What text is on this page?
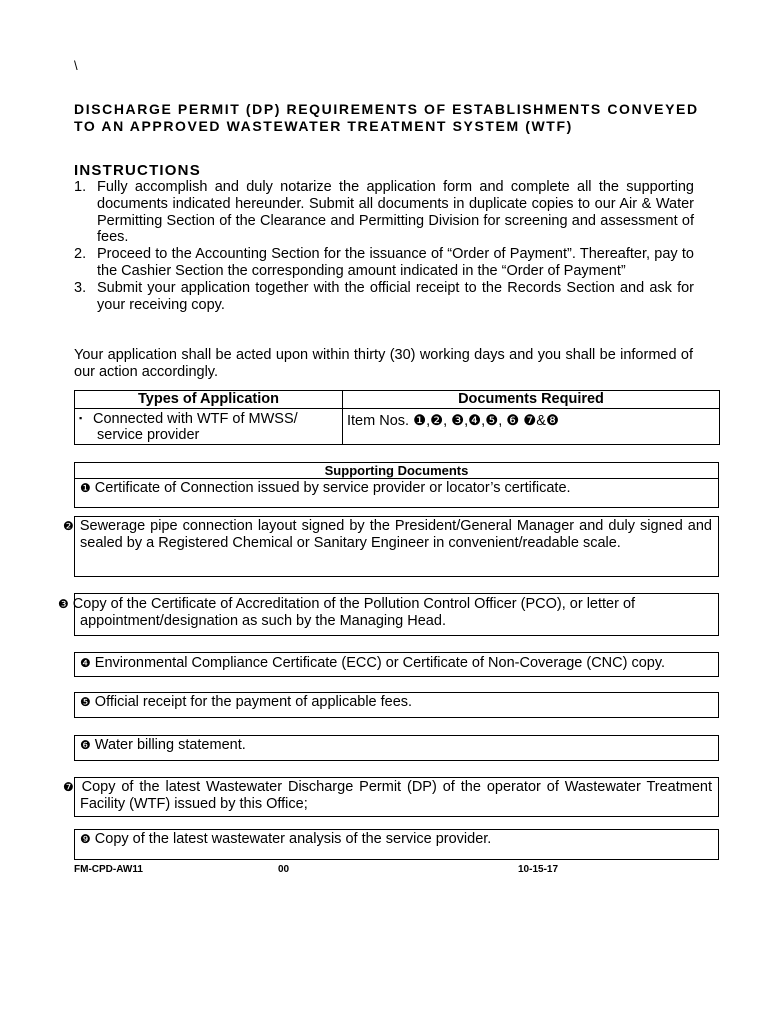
\
DISCHARGE PERMIT (DP) REQUIREMENTS OF ESTABLISHMENTS CONVEYED
TO AN APPROVED WASTEWATER TREATMENT SYSTEM (WTF)
INSTRUCTIONS
1. Fully accomplish and duly notarize the application form and complete all the supporting documents indicated hereunder. Submit all documents in duplicate copies to our Air & Water Permitting Section of the Clearance and Permitting Division for screening and assessment of fees.
2. Proceed to the Accounting Section for the issuance of “Order of Payment”. Thereafter, pay to the Cashier Section the corresponding amount indicated in the “Order of Payment”
3. Submit your application together with the official receipt to the Records Section and ask for your receiving copy.
Your application shall be acted upon within thirty (30) working days and you shall be informed of our action accordingly.
Types of Application	Documents Required

▪ Connected with WTF of MWSS/
service provider	Item Nos. ❶,❷, ❸,❹,❺, ❻ ❼&❽
Supporting Documents
❶ Certificate of Connection issued by service provider or locator’s certificate.
❷ Sewerage pipe connection layout signed by the President/General Manager and duly signed and sealed by a Registered Chemical or Sanitary Engineer in convenient/readable scale.
❸ Copy of the Certificate of Accreditation of the Pollution Control Officer (PCO), or letter of appointment/designation as such by the Managing Head.
❹ Environmental Compliance Certificate (ECC) or Certificate of Non-Coverage (CNC) copy.
❺ Official receipt for the payment of applicable fees.
❻ Water billing statement.
❼ Copy of the latest Wastewater Discharge Permit (DP) of the operator of Wastewater Treatment Facility (WTF) issued by this Office;
❾ Copy of the latest wastewater analysis of the service provider.
FM-CPD-AW11	00	10-15-17
